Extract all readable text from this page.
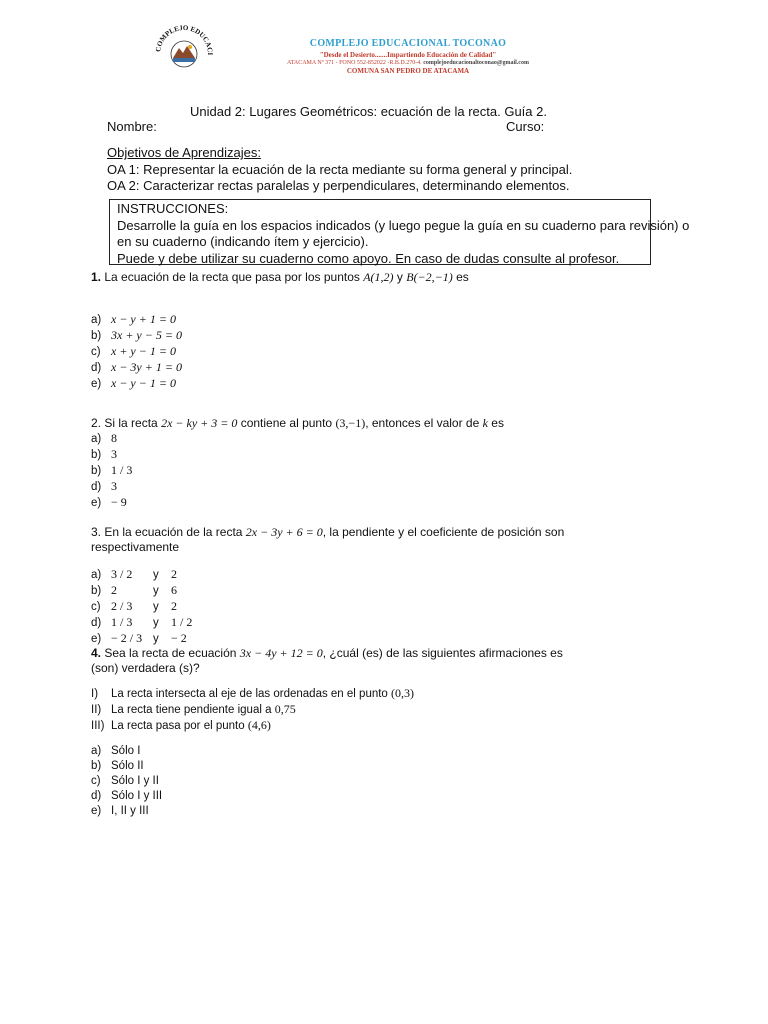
COMPLEJO EDUCACI
COMPLEJO EDUCACIONAL TOCONAO
"Desde el Desierto.......Impartiendo Educación de Calidad"
ATACAMA Nº 371 - FONO 552-852022 -R.B.D.270-4. complejoeducacionaltoconao@gmail.com
COMUNA SAN PEDRO DE ATACAMA
Unidad 2: Lugares Geométricos: ecuación de la recta. Guía 2.
Nombre:	Curso:
Objetivos de Aprendizajes:
OA 1: Representar la ecuación de la recta mediante su forma general y principal.
OA 2: Caracterizar rectas paralelas y perpendiculares, determinando elementos.
INSTRUCCIONES:
Desarrolle la guía en los espacios indicados (y luego pegue la guía en su cuaderno para revisión) o
en su cuaderno (indicando ítem y ejercicio).
Puede y debe utilizar su cuaderno como apoyo. En caso de dudas consulte al profesor.
1. La ecuación de la recta que pasa por los puntos A(1,2) y B(−2,−1) es
a) x − y + 1 = 0
b) 3x + y − 5 = 0
c) x + y − 1 = 0
d) x − 3y + 1 = 0
e) x − y − 1 = 0
2. Si la recta 2x − ky + 3 = 0 contiene al punto (3,−1), entonces el valor de k es
a) 8
b) 3
b) 1 / 3
d) 3
e) − 9
3. En la ecuación de la recta 2x − 3y + 6 = 0, la pendiente y el coeficiente de posición son
respectivamente
a) 3 / 2 y 2
b) 2	y 6
c) 2 / 3 y 2
d) 1 / 3 y 1 / 2
e) − 2 / 3 y − 2
4. Sea la recta de ecuación 3x − 4y + 12 = 0, ¿cuál (es) de las siguientes afirmaciones es
(son) verdadera (s)?
I) La recta intersecta al eje de las ordenadas en el punto (0,3)
II) La recta tiene pendiente igual a 0,75
III) La recta pasa por el punto (4,6)
a) Sólo I
b) Sólo II
c) Sólo I y II
d) Sólo I y III
e) I, II y III
